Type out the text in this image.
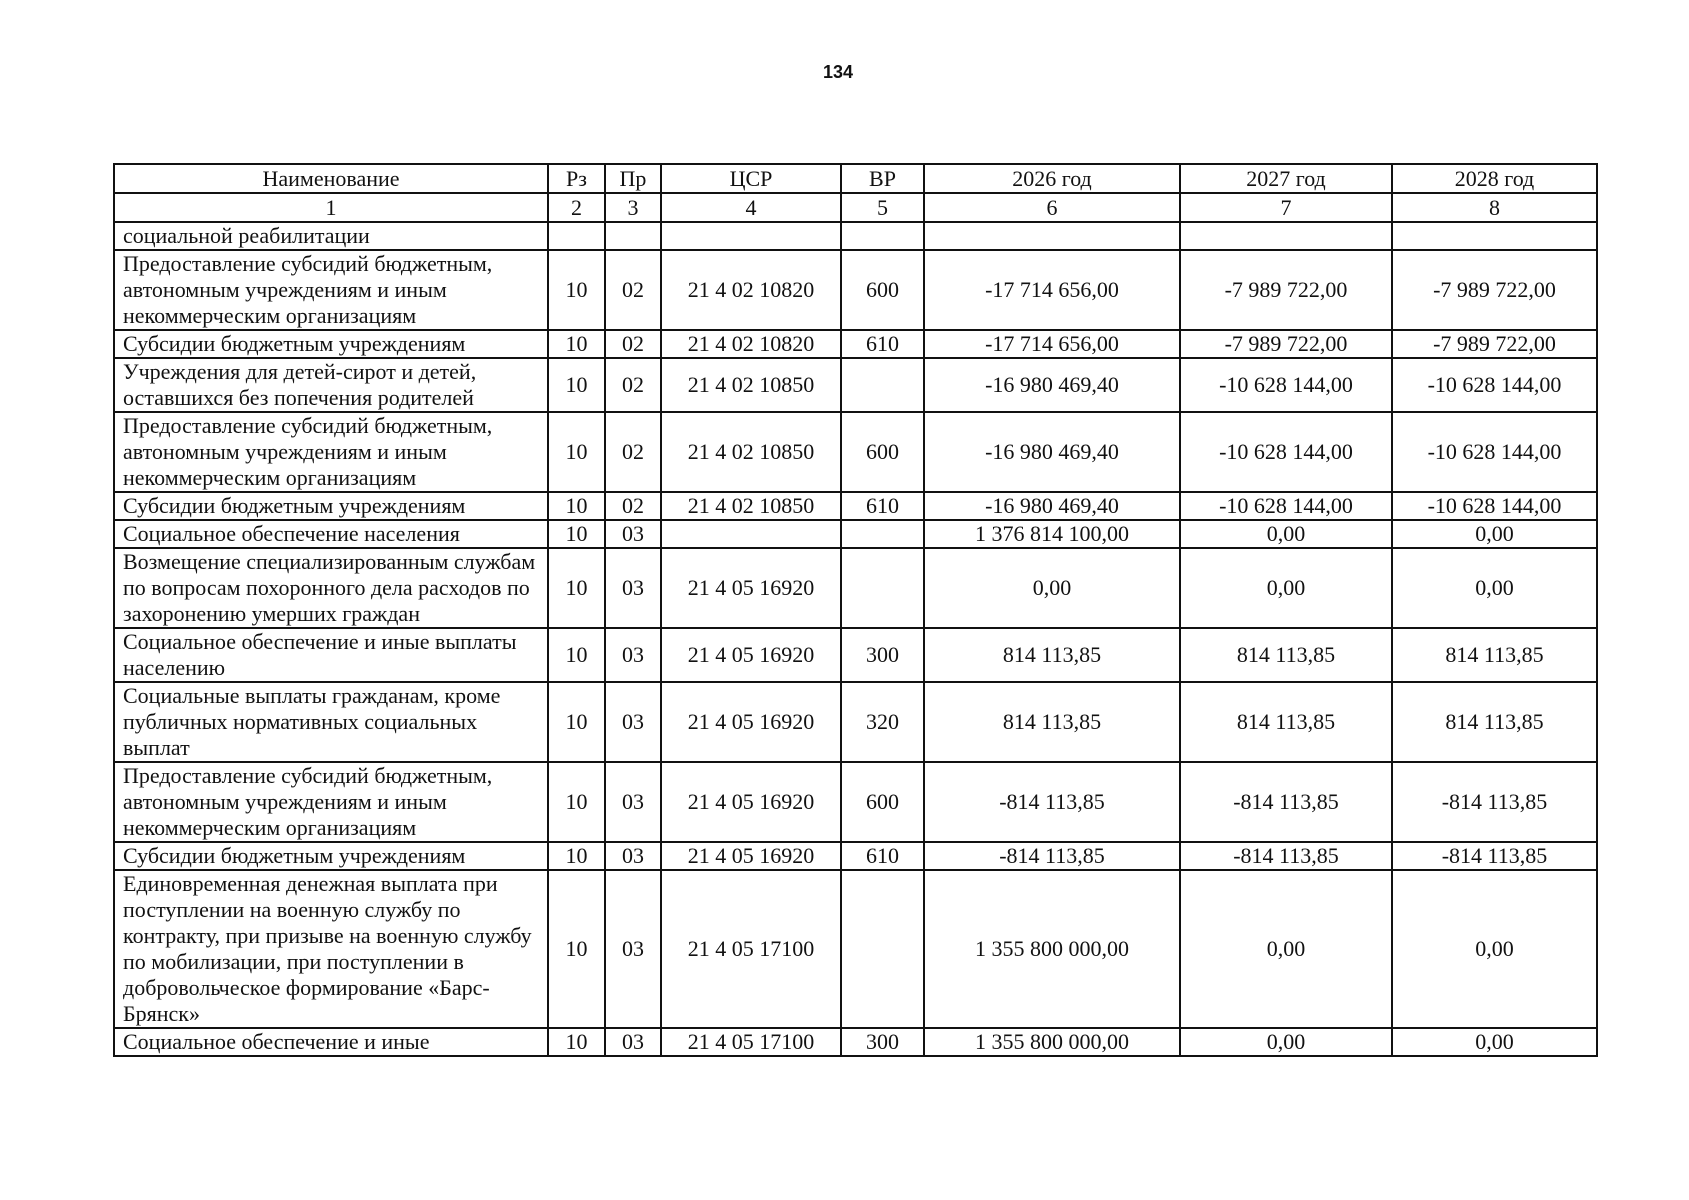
134
Наименование	Рз	Пр	ЦСР	ВР	2026 год	2027 год	2028 год
1	2	3	4	5	6	7	8
социальной реабилитации							
Предоставление субсидий бюджетным, автономным учреждениям и иным некоммерческим организациям	10	02	21 4 02 10820	600	-17 714 656,00	-7 989 722,00	-7 989 722,00
Субсидии бюджетным учреждениям	10	02	21 4 02 10820	610	-17 714 656,00	-7 989 722,00	-7 989 722,00
Учреждения для детей-сирот и детей, оставшихся без попечения родителей	10	02	21 4 02 10850		-16 980 469,40	-10 628 144,00	-10 628 144,00
Предоставление субсидий бюджетным, автономным учреждениям и иным некоммерческим организациям	10	02	21 4 02 10850	600	-16 980 469,40	-10 628 144,00	-10 628 144,00
Субсидии бюджетным учреждениям	10	02	21 4 02 10850	610	-16 980 469,40	-10 628 144,00	-10 628 144,00
Социальное обеспечение населения	10	03			1 376 814 100,00	0,00	0,00
Возмещение специализированным службам по вопросам похоронного дела расходов по захоронению умерших граждан	10	03	21 4 05 16920		0,00	0,00	0,00
Социальное обеспечение и иные выплаты населению	10	03	21 4 05 16920	300	814 113,85	814 113,85	814 113,85
Социальные выплаты гражданам, кроме публичных нормативных социальных выплат	10	03	21 4 05 16920	320	814 113,85	814 113,85	814 113,85
Предоставление субсидий бюджетным, автономным учреждениям и иным некоммерческим организациям	10	03	21 4 05 16920	600	-814 113,85	-814 113,85	-814 113,85
Субсидии бюджетным учреждениям	10	03	21 4 05 16920	610	-814 113,85	-814 113,85	-814 113,85
Единовременная денежная выплата при поступлении на военную службу по контракту, при призыве на военную службу по мобилизации, при поступлении в добровольческое формирование «Барс-Брянск»	10	03	21 4 05 17100		1 355 800 000,00	0,00	0,00
Социальное обеспечение и иные	10	03	21 4 05 17100	300	1 355 800 000,00	0,00	0,00
